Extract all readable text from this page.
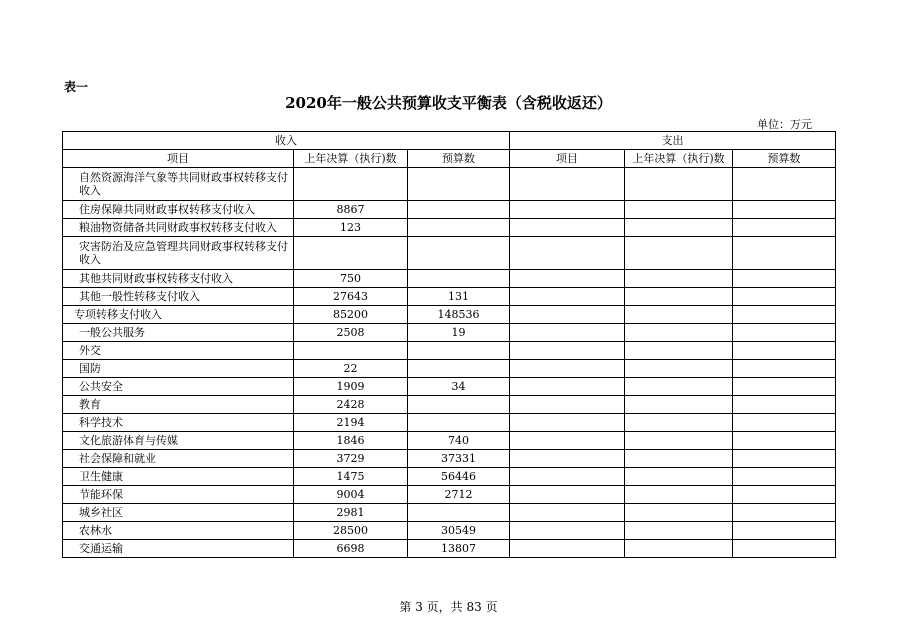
表一
2020年一般公共预算收支平衡表（含税收返还）
单位：万元
收入			支出		
项目	上年决算（执行)数	预算数	项目	上年决算（执行)数	预算数
自然资源海洋气象等共同财政事权转移支付收入					
住房保障共同财政事权转移支付收入	8867				
粮油物资储备共同财政事权转移支付收入	123				
灾害防治及应急管理共同财政事权转移支付收入					
其他共同财政事权转移支付收入	750				
其他一般性转移支付收入	27643	131			
专项转移支付收入	85200	148536			
一般公共服务	2508	19			
外交					
国防	22				
公共安全	1909	34			
教育	2428				
科学技术	2194				
文化旅游体育与传媒	1846	740			
社会保障和就业	3729	37331			
卫生健康	1475	56446			
节能环保	9004	2712			
城乡社区	2981				
农林水	28500	30549			
交通运输	6698	13807			
第 3 页，共 83 页
